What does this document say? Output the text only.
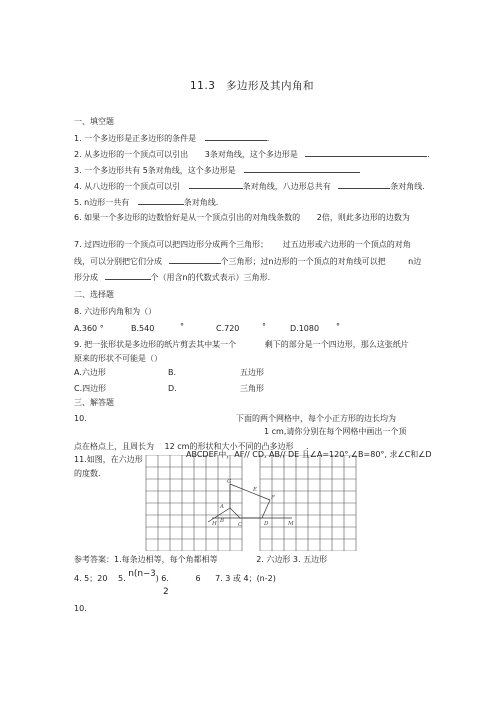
11.3 多边形及其内角和
一、填空题
1. 一个多边形是正多边形的条件是	.
2. 从多边形的一个顶点可以引出 3条对角线，这个多边形是	.
3. 一个多边形共有 5条对角线，这个多边形是
4. 从八边形的一个顶点可以引	条对角线，八边形总共有	条对角线.
5. n边形一共有	条对角线.
6. 如果一个多边形的边数恰好是从一个顶点引出的对角线条数的 2倍，则此多边形的边数为
7. 过四边形的一个顶点可以把四边形分成两个三角形； 过五边形或六边形的一个顶点的对角
线，可以分别把它们分成	个三角形；过n边形的一个顶点的对角线可以把	n边
形分成	个（用含n的代数式表示）三角形.
二、选择题
8. 六边形内角和为（）
A.360 °	B.540	°	C.720	°	D.1080 °
9. 把一张形状是多边形的纸片剪去其中某一个	剩下的部分是一个四边形，那么这张纸片
原来的形状不可能是（）
A.六边形	B.	五边形
C.四边形	D.	三角形
三、解答题
10.	下面的两个网格中，每个小正方形的边长均为
1 cm,请你分别在每个网格中画出一个顶
点在格点上，且周长为 12 cm的形状和大小不同的凸多边形 .
ABCDEF中，AF// CD, AB// DE 且∠A=120°,∠B=80°, 求∠C和∠D
11.如图，在六边形
的度数.
G
E
A
F
B
H	C	D	M
参考答案：1.每条边相等，每个角都相等	2. 六边形 3. 五边形
4. 5；20 5. n(n−3) 6.	6 7. 3 或 4；(n-2)
2
10.
